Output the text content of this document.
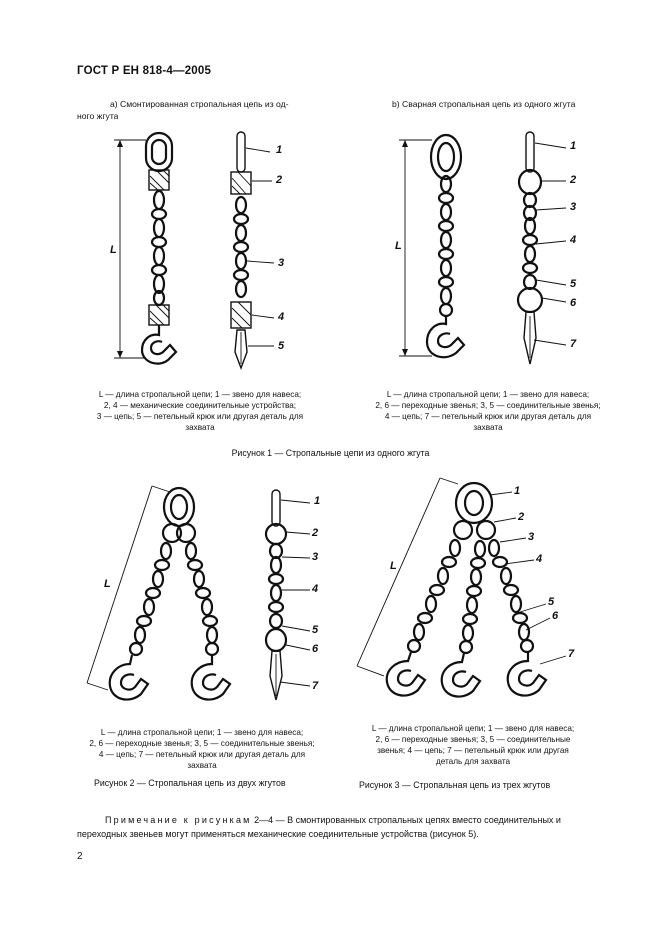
ГОСТ Р ЕН 818-4—2005
а) Смонтированная стропальная цепь из од-
ного жгута
b) Сварная стропальная цепь из одного жгута
L	L
L
L
1
2
3
4
5
1
2
3
4
5
6
7
L — длина стропальной цепи; 1 — звено для навеса;
2, 4 — механические соединительные устройства;
3 — цепь; 5 — петельный крюк или другая деталь для
захвата
L — длина стропальной цепи; 1 — звено для навеса;
2, 6 — переходные звенья; 3, 5 — соединительные звенья;
4 — цепь; 7 — петельный крюк или другая деталь для
захвата
Рисунок 1 — Стропальные цепи из одного жгута
1
2
3
4
5
6
7
1
2
3
4
5
6
7
L — длина стропальной цепи; 1 — звено для навеса;
2, 6 — переходные звенья; 3, 5 — соединительные звенья;
4 — цепь; 7 — петельный крюк или другая деталь для
захвата
L — длина стропальной цепи; 1 — звено для навеса;
2, 6 — переходные звенья; 3, 5 — соединительные
звенья; 4 — цепь; 7 — петельный крюк или другая
деталь для захвата
Рисунок 2 — Стропальная цепь из двух жгутов	Рисунок 3 — Стропальная цепь из трех жгутов
Примечание к рисункам 2—4 — В смонтированных стропальных цепях вместо соединительных и
переходных звеньев могут применяться механические соединительные устройства (рисунок 5).
2
